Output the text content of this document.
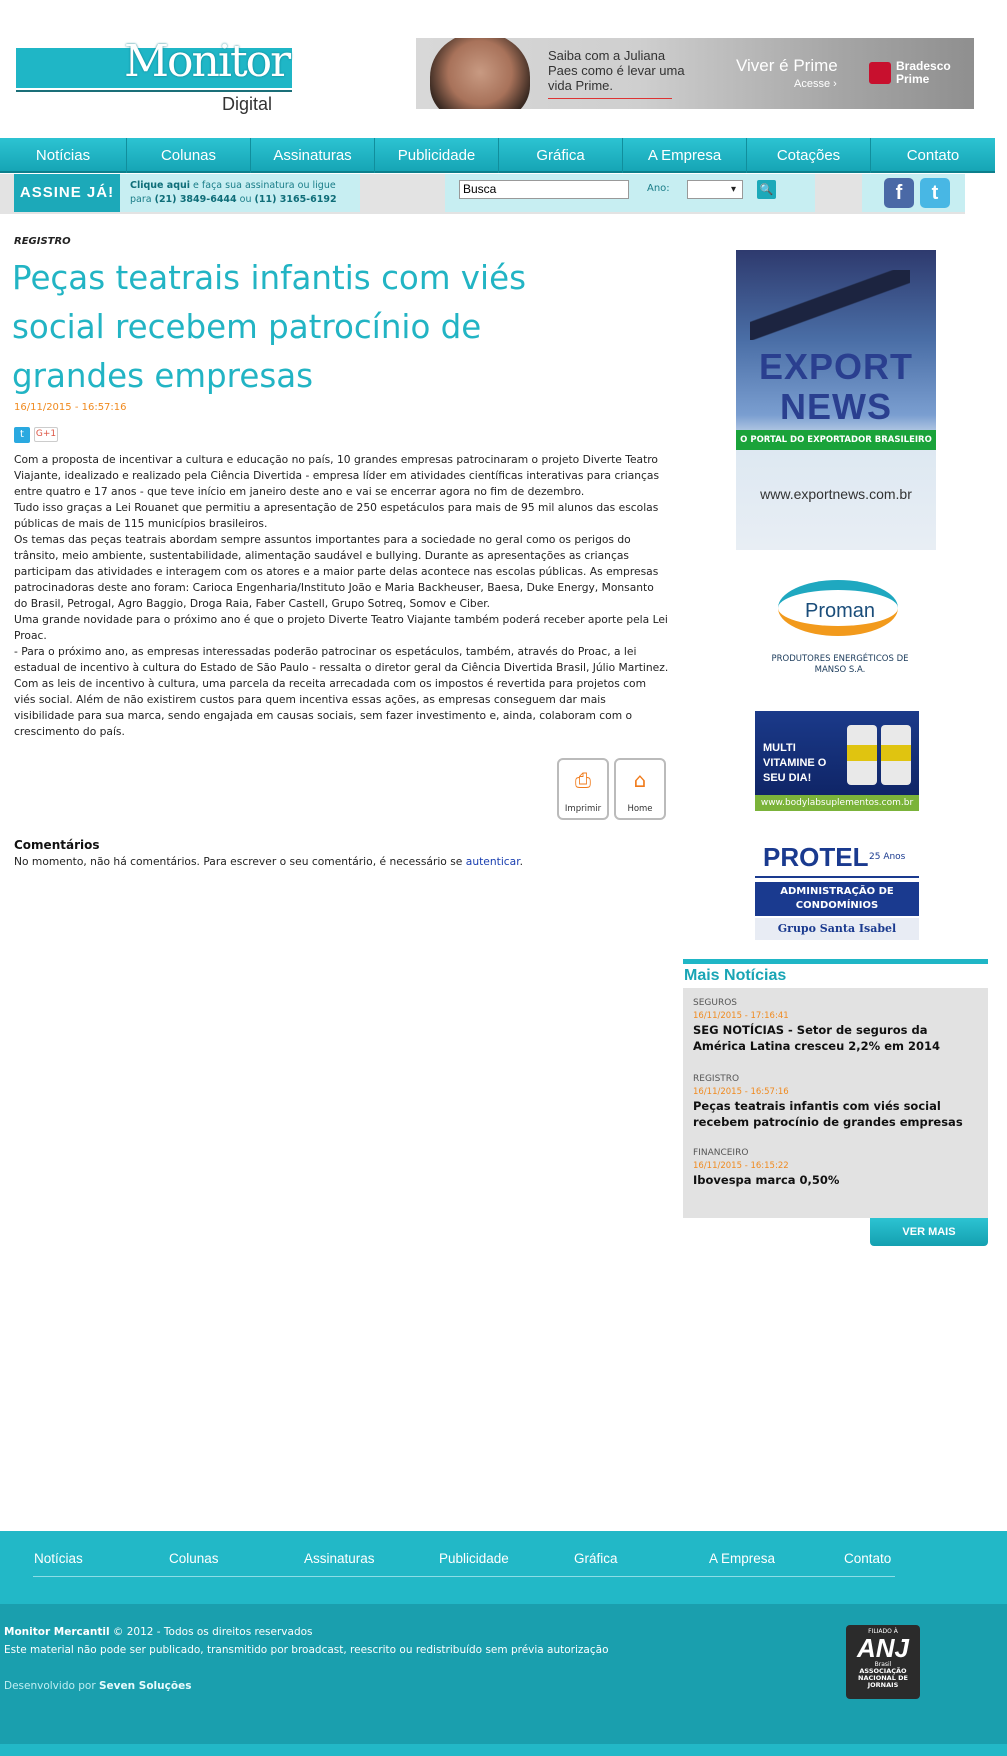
Monitor
Digital
Saiba com a Juliana Paes como é levar uma vida Prime.
Viver é Prime
Acesse ›
Bradesco
Prime
Notícias	Colunas	Assinaturas	Publicidade	Gráfica	A Empresa	Cotações	Contato
ASSINE JÁ!	Clique aqui e faça sua assinatura ou ligue
para (21) 3849-6444 ou (11) 3165-6192
Busca	Ano:	▾	🔍	f	t
REGISTRO
Peças teatrais infantis com viés social recebem patrocínio de grandes empresas
16/11/2015 - 16:57:16
t	G+1

Com a proposta de incentivar a cultura e educação no país, 10 grandes empresas patrocinaram o projeto Diverte Teatro Viajante, idealizado e realizado pela Ciência Divertida - empresa líder em atividades científicas interativas para crianças entre quatro e 17 anos - que teve início em janeiro deste ano e vai se encerrar agora no fim de dezembro.

Tudo isso graças a Lei Rouanet que permitiu a apresentação de 250 espetáculos para mais de 95 mil alunos das escolas públicas de mais de 115 municípios brasileiros.

Os temas das peças teatrais abordam sempre assuntos importantes para a sociedade no geral como os perigos do trânsito, meio ambiente, sustentabilidade, alimentação saudável e bullying. Durante as apresentações as crianças participam das atividades e interagem com os atores e a maior parte delas acontece nas escolas públicas. As empresas patrocinadoras deste ano foram: Carioca Engenharia/Instituto João e Maria Backheuser, Baesa, Duke Energy, Monsanto do Brasil, Petrogal, Agro Baggio, Droga Raia, Faber Castell, Grupo Sotreq, Somov e Ciber.

Uma grande novidade para o próximo ano é que o projeto Diverte Teatro Viajante também poderá receber aporte pela Lei Proac.

- Para o próximo ano, as empresas interessadas poderão patrocinar os espetáculos, também, através do Proac, a lei estadual de incentivo à cultura do Estado de São Paulo - ressalta o diretor geral da Ciência Divertida Brasil, Júlio Martinez.

Com as leis de incentivo à cultura, uma parcela da receita arrecadada com os impostos é revertida para projetos com viés social. Além de não existirem custos para quem incentiva essas ações, as empresas conseguem dar mais visibilidade para sua marca, sendo engajada em causas sociais, sem fazer investimento e, ainda, colaboram com o crescimento do país.

⎙
Imprimir
⌂
Home
Comentários
No momento, não há comentários. Para escrever o seu comentário, é necessário se autenticar.
EXPORT
NEWS
O PORTAL DO EXPORTADOR BRASILEIRO
www.exportnews.com.br
Proman
PRODUTORES ENERGÉTICOS DE MANSO S.A.
MULTI VITAMINE O SEU DIA!
www.bodylabsuplementos.com.br
PROTEL 25 Anos
ADMINISTRAÇÃO DE CONDOMÍNIOS
Grupo Santa Isabel
Mais Notícias
SEGUROS
16/11/2015 - 17:16:41
SEG NOTÍCIAS - Setor de seguros da América Latina cresceu 2,2% em 2014
REGISTRO
16/11/2015 - 16:57:16
Peças teatrais infantis com viés social recebem patrocínio de grandes empresas
FINANCEIRO
16/11/2015 - 16:15:22
Ibovespa marca 0,50%
VER MAIS
Notícias	Colunas	Assinaturas	Publicidade	Gráfica	A Empresa	Contato
Monitor Mercantil © 2012 - Todos os direitos reservados
Este material não pode ser publicado, transmitido por broadcast, reescrito ou redistribuído sem prévia autorização
Desenvolvido por Seven Soluções
FILIADO À
ANJ
Brasil
ASSOCIAÇÃO NACIONAL DE JORNAIS
